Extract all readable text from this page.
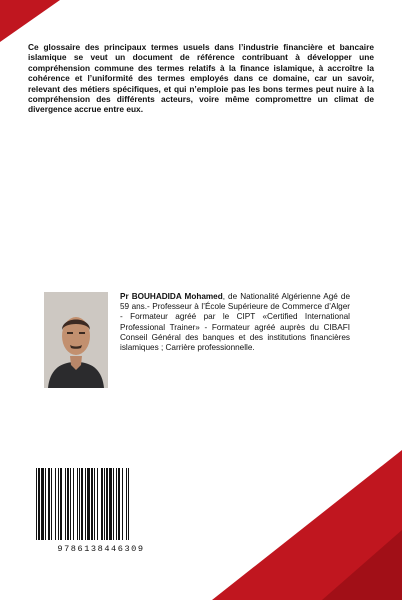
Ce glossaire des principaux termes usuels dans l’industrie financière et bancaire islamique se veut un document de référence contribuant à développer une compréhension commune des termes relatifs à la finance islamique, à accroître la cohérence et l’uniformité des termes employés dans ce domaine, car un savoir, relevant des métiers spécifiques, et qui n’emploie pas les bons termes peut nuire à la compréhension des différents acteurs, voire même compromettre un climat de divergence accrue entre eux.

Pr BOUHADIDA Mohamed, de Nationalité Algérienne Agé de 59 ans.- Professeur à l’École Supérieure de Commerce d’Alger - Formateur agréé par le CIPT «Certified International Professional Trainer» - Formateur agréé auprès du CIBAFI Conseil Général des banques et des institutions financières islamiques ; Carrière professionnelle.

9786138446309
